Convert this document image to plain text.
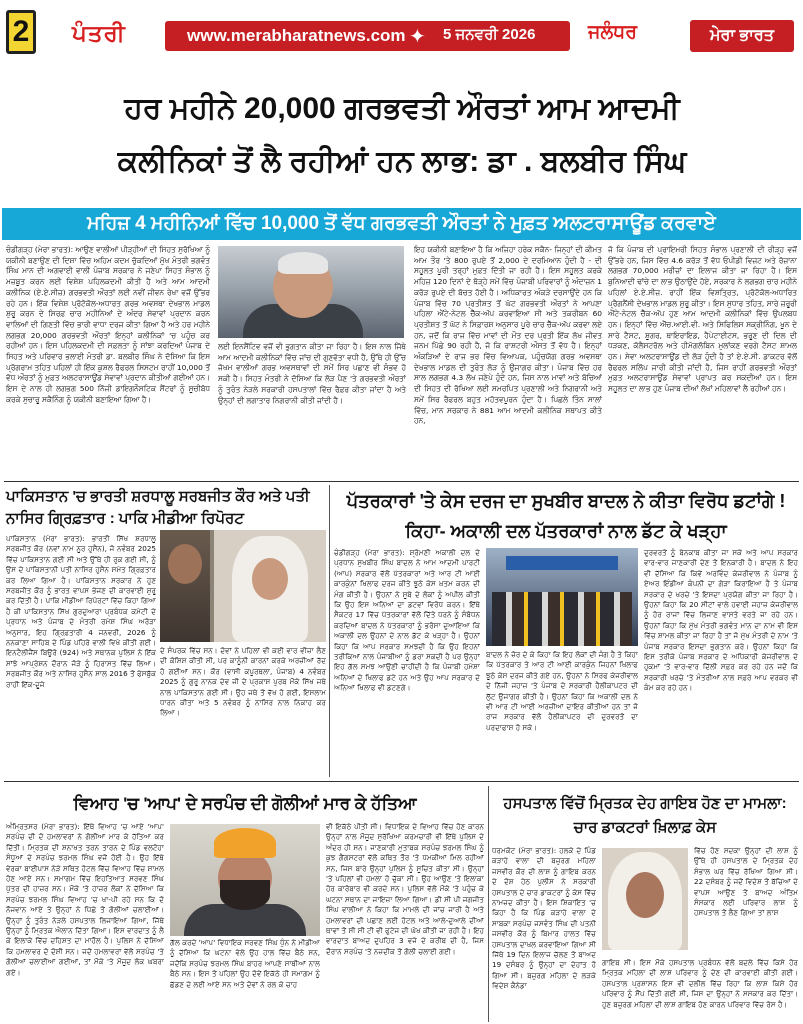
2 ਪੰਤਰੀ	www.merabharatnews.com ✦ 5 ਜਨਵਰੀ 2026	ਜਲੰਧਰ	ਮੇਰਾ ਭਾਰਤ
ਹਰ ਮਹੀਨੇ 20,000 ਗਰਭਵਤੀ ਔਰਤਾਂ ਆਮ ਆਦਮੀ
ਕਲੀਨਿਕਾਂ ਤੋਂ ਲੈ ਰਹੀਆਂ ਹਨ ਲਾਭ: ਡਾ . ਬਲਬੀਰ ਸਿੰਘ
ਮਹਿਜ਼ 4 ਮਹੀਨਿਆਂ ਵਿੱਚ 10,000 ਤੋਂ ਵੱਧ ਗਰਭਵਤੀ ਔਰਤਾਂ ਨੇ ਮੁਫ਼ਤ ਅਲਟਰਾਸਾਊਂਡ ਕਰਵਾਏ
ਚੰਡੀਗੜ੍ਹ (ਮੇਰਾ ਭਾਰਤ): ਆਉਣ ਵਾਲੀਆਂ ਪੀੜ੍ਹੀਆਂ ਦੀ ਸਿਹਤ ਸੁਰੱਖਿਆ ਨੂੰ ਯਕੀਨੀ ਬਣਾਉਣ ਦੀ ਦਿਸ਼ਾ ਵਿੱਚ ਅਹਿਮ ਕਦਮ ਚੁੱਕਦਿਆਂ ਮੁੱਖ ਮੰਤਰੀ ਭਗਵੰਤ ਸਿੰਘ ਮਾਨ ਦੀ ਅਗਵਾਈ ਵਾਲੀ ਪੰਜਾਬ ਸਰਕਾਰ ਨੇ ਜਣੇਪਾ ਸਿਹਤ ਸੰਭਾਲ ਨੂੰ ਮਜ਼ਬੂਤ ਕਰਨ ਲਈ ਵਿਸ਼ੇਸ਼ ਪਹਿਲਕਦਮੀ ਕੀਤੀ ਹੈ ਅਤੇ ਆਮ ਆਦਮੀ ਕਲੀਨਿਕ (ਏ.ਏ.ਸੀਜ਼) ਗਰਭਵਤੀ ਔਰਤਾਂ ਲਈ ਨਵੀਂ ਜੀਵਨ ਰੇਖਾ ਵਜੋਂ ਉੱਭਰ ਰਹੇ ਹਨ। ਇੱਕ ਵਿਸ਼ੇਸ਼ ਪ੍ਰੋਟੋਕੋਲ-ਅਧਾਰਤ ਗਰਭ ਅਵਸਥਾ ਦੇਖਭਾਲ ਮਾਡਲ ਸ਼ੁਰੂ ਕਰਨ ਦੇ ਸਿਰਫ਼ ਚਾਰ ਮਹੀਨਿਆਂ ਦੇ ਅੰਦਰ ਸੇਵਾਵਾਂ ਪ੍ਰਦਾਨ ਕਰਨ ਵਾਲਿਆਂ ਦੀ ਗਿਣਤੀ ਵਿੱਚ ਭਾਰੀ ਵਾਧਾ ਦਰਜ ਕੀਤਾ ਗਿਆ ਹੈ ਅਤੇ ਹਰ ਮਹੀਨੇ ਲਗਭਗ 20,000 ਗਰਭਵਤੀ ਔਰਤਾਂ ਇਨ੍ਹਾਂ ਕਲੀਨਿਕਾਂ 'ਚ ਪਹੁੰਚ ਕਰ ਰਹੀਆਂ ਹਨ। ਇਸ ਪਹਿਲਕਦਮੀ ਦੀ ਸਫ਼ਲਤਾ ਨੂੰ ਸਾਂਝਾ ਕਰਦਿਆਂ ਪੰਜਾਬ ਦੇ ਸਿਹਤ ਅਤੇ ਪਰਿਵਾਰ ਭਲਾਈ ਮੰਤਰੀ ਡਾ. ਬਲਬੀਰ ਸਿੰਘ ਨੇ ਦੱਸਿਆ ਕਿ ਇਸ ਪ੍ਰੋਗਰਾਮ ਤਹਿਤ ਪਹਿਲਾਂ ਹੀ ਇੱਕ ਕੁਸ਼ਲ ਰੈਫਰਲ ਸਿਸਟਮ ਰਾਹੀਂ 10,000 ਤੋਂ ਵੱਧ ਔਰਤਾਂ ਨੂੰ ਮੁਫ਼ਤ ਅਲਟਰਾਸਾਊਂਡ ਸੇਵਾਵਾਂ ਪ੍ਰਦਾਨ ਕੀਤੀਆਂ ਗਈਆਂ ਹਨ। ਇਸ ਦੇ ਨਾਲ ਹੀ ਲਗਭਗ 500 ਨਿੱਜੀ ਡਾਇਗਨੌਸਟਿਕ ਸੈਂਟਰਾਂ ਨੂੰ ਸੂਚੀਬੱਧ ਕਰਕੇ ਸੁਚਾਰੂ ਸਕੈਨਿੰਗ ਨੂੰ ਯਕੀਨੀ ਬਣਾਇਆ ਗਿਆ ਹੈ।
ਲਈ ਇਨਸੈਂਟਿਵ ਵਜੋਂ ਵੀ ਭੁਗਤਾਨ ਕੀਤਾ ਜਾ ਰਿਹਾ ਹੈ। ਇਸ ਨਾਲ ਜਿੱਥੇ ਆਮ ਆਦਮੀ ਕਲੀਨਿਕਾਂ ਵਿੱਚ ਜਾਂਚ ਦੀ ਗੁਣਵੱਤਾ ਵਧੀ ਹੈ, ਉੱਥੇ ਹੀ ਉੱਚ ਜੋਖਮ ਵਾਲੀਆਂ ਗਰਭ ਅਵਸਥਾਵਾਂ ਦੀ ਸਮੇਂ ਸਿਰ ਪਛਾਣ ਵੀ ਸੰਭਵ ਹੋ ਸਕੀ ਹੈ। ਸਿਹਤ ਮੰਤਰੀ ਨੇ ਦੱਸਿਆ ਕਿ ਲੋੜ ਪੈਣ 'ਤੇ ਗਰਭਵਤੀ ਔਰਤਾਂ ਨੂੰ ਤੁਰੰਤ ਨੇੜਲੇ ਸਰਕਾਰੀ ਹਸਪਤਾਲਾਂ ਵਿੱਚ ਰੈਫ਼ਰ ਕੀਤਾ ਜਾਂਦਾ ਹੈ ਅਤੇ ਉਨ੍ਹਾਂ ਦੀ ਲਗਾਤਾਰ ਨਿਗਰਾਨੀ ਕੀਤੀ ਜਾਂਦੀ ਹੈ।
ਇਹ ਯਕੀਨੀ ਬਣਾਇਆ ਹੈ ਕਿ ਅਜਿਹਾ ਹਰੇਕ ਸਕੈਨ- ਜਿਨ੍ਹਾਂ ਦੀ ਕੀਮਤ ਆਮ ਤੌਰ 'ਤੇ 800 ਰੁਪਏ ਤੋਂ 2,000 ਦੇ ਦਰਮਿਆਨ ਹੁੰਦੀ ਹੈ - ਦੀ ਸਹੂਲਤ ਪੂਰੀ ਤਰ੍ਹਾਂ ਮੁਫ਼ਤ ਦਿੱਤੀ ਜਾ ਰਹੀ ਹੈ। ਇਸ ਸਹੂਲਤ ਕਰਕੇ ਮਹਿਜ਼ 120 ਦਿਨਾਂ ਦੇ ਥੋੜ੍ਹੇ ਸਮੇਂ ਵਿੱਚ ਪੰਜਾਬੀ ਪਰਿਵਾਰਾਂ ਨੂੰ ਅੰਦਾਜ਼ਨ 1 ਕਰੋੜ ਰੁਪਏ ਦੀ ਬੱਚਤ ਹੋਈ ਹੈ। ਅਧਿਕਾਰਤ ਅੰਕੜੇ ਦਰਸਾਉਂਦੇ ਹਨ ਕਿ ਪੰਜਾਬ ਵਿੱਚ 70 ਪ੍ਰਤੀਸ਼ਤ ਤੋਂ ਘੱਟ ਗਰਭਵਤੀ ਔਰਤਾਂ ਨੇ ਆਪਣਾ ਪਹਿਲਾ ਐਂਟੇ-ਨੇਟਲ ਚੈੱਕ-ਅੱਪ ਕਰਵਾਇਆ ਸੀ ਅਤੇ ਤਕਰੀਬਨ 60 ਪ੍ਰਤੀਸ਼ਤ ਤੋਂ ਘੱਟ ਨੇ ਸਿਫ਼ਾਰਸ਼ ਅਨੁਸਾਰ ਪੂਰੇ ਚਾਰ ਚੈੱਕ-ਅੱਪ ਕਰਵਾ ਲਏ ਹਨ, ਜਦੋਂ ਕਿ ਰਾਜ ਵਿੱਚ ਮਾਵਾਂ ਦੀ ਮੌਤ ਦਰ ਪ੍ਰਤੀ ਇੱਕ ਲੱਖ ਜੀਵਤ ਜਨਮ ਪਿੱਛੇ 90 ਰਹੀ ਹੈ, ਜੋ ਕਿ ਰਾਸ਼ਟਰੀ ਔਸਤ ਤੋਂ ਵੱਧ ਹੈ। ਇਨ੍ਹਾਂ ਅੰਕੜਿਆਂ ਦੇ ਰਾਜ ਭਰ ਵਿੱਚ ਵਿਆਪਕ, ਪਹੁੰਚਯੋਗ ਗਰਭ ਅਵਸਥਾ ਦੇਖਭਾਲ ਮਾਡਲ ਦੀ ਤੁਰੰਤ ਲੋੜ ਨੂੰ ਉਜਾਗਰ ਕੀਤਾ। ਪੰਜਾਬ ਵਿੱਚ ਹਰ ਸਾਲ ਲਗਭਗ 4.3 ਲੱਖ ਜਣੇਪੇ ਹੁੰਦੇ ਹਨ, ਜਿਸ ਨਾਲ ਮਾਵਾਂ ਅਤੇ ਬੱਚਿਆਂ ਦੀ ਸਿਹਤ ਦੀ ਰੱਖਿਆ ਲਈ ਸਮਰਪਿਤ ਪ੍ਰਣਾਲੀ ਅਤੇ ਨਿਗਰਾਨੀ ਅਤੇ ਸਮੇਂ ਸਿਰ ਰੈਫਰਲ ਬਹੁਤ ਮਹੱਤਵਪੂਰਨ ਹੁੰਦਾ ਹੈ। ਪਿਛਲੇ ਤਿੰਨ ਸਾਲਾਂ ਵਿੱਚ, ਮਾਨ ਸਰਕਾਰ ਨੇ 881 ਆਮ ਆਦਮੀ ਕਲੀਨਿਕ ਸਥਾਪਤ ਕੀਤੇ ਹਨ,
ਜੋ ਕਿ ਪੰਜਾਬ ਦੀ ਪ੍ਰਾਇਮਰੀ ਸਿਹਤ ਸੰਭਾਲ ਪ੍ਰਣਾਲੀ ਦੀ ਰੀੜ੍ਹ ਵਜੋਂ ਉੱਭਰੇ ਹਨ, ਜਿਸ ਵਿੱਚ 4.6 ਕਰੋੜ ਤੋਂ ਵੱਧ ਓਪੀਡੀ ਵਿਜ਼ਟ ਅਤੇ ਰੋਜ਼ਾਨਾ ਲਗਭਗ 70,000 ਮਰੀਜ਼ਾਂ ਦਾ ਇਲਾਜ ਕੀਤਾ ਜਾ ਰਿਹਾ ਹੈ। ਇਸ ਬੁਨਿਆਦੀ ਢਾਂਚੇ ਦਾ ਲਾਭ ਉਠਾਉਂਦੇ ਹੋਏ, ਸਰਕਾਰ ਨੇ ਲਗਭਗ ਚਾਰ ਮਹੀਨੇ ਪਹਿਲਾਂ ਏ.ਏ.ਸੀਜ਼. ਰਾਹੀਂ ਇੱਕ ਵਿਸ਼ਤ੍ਰਿਤ, ਪ੍ਰੋਟੋਕੋਲ-ਅਧਾਰਿਤ ਪ੍ਰੈਗਨੈਂਸੀ ਦੇਖਭਾਲ ਮਾਡਲ ਸ਼ੁਰੂ ਕੀਤਾ। ਇਸ ਸੁਧਾਰ ਤਹਿਤ, ਸਾਰੇ ਜ਼ਰੂਰੀ ਐਂਟੇ-ਨੇਟਲ ਚੈੱਕ-ਅੱਪ ਹੁਣ ਆਮ ਆਦਮੀ ਕਲੀਨਿਕਾਂ ਵਿੱਚ ਉਪਲਬਧ ਹਨ। ਇਨ੍ਹਾਂ ਵਿੱਚ ਐੱਚ.ਆਈ.ਵੀ. ਅਤੇ ਸਿਫਿਲਿਸ ਸਕ੍ਰੀਨਿੰਗ, ਖੂਨ ਦੇ ਸਾਰੇ ਟੈਸਟ, ਸ਼ੂਗਰ, ਥਾਇਰਾਇਡ, ਹੈਪੇਟਾਈਟਸ, ਭਰੂਣ ਦੀ ਦਿਲ ਦੀ ਧੜਕਣ, ਕੋਲੈਸਟਰੋਲ ਅਤੇ ਹੀਮੋਗਲੋਬਿਨ ਮੁਲਾਂਕਣ ਵਰਗੇ ਟੈਸਟ ਸ਼ਾਮਲ ਹਨ। ਸੇਵਾ ਅਲਟਰਾਸਾਊਂਡ ਦੀ ਲੋੜ ਹੁੰਦੀ ਹੈ ਤਾਂ ਏ.ਏ.ਸੀ. ਡਾਕਟਰ ਵੱਲੋਂ ਰੈਫਰਲ ਸਲਿੱਪ ਜਾਰੀ ਕੀਤੀ ਜਾਂਦੀ ਹੈ, ਜਿਸ ਰਾਹੀਂ ਗਰਭਵਤੀ ਔਰਤਾਂ ਮੁਫ਼ਤ ਅਲਟਰਾਸਾਊਂਡ ਸੇਵਾਵਾਂ ਪ੍ਰਾਪਤ ਕਰ ਸਕਦੀਆਂ ਹਨ। ਇਸ ਸਹੂਲਤ ਦਾ ਲਾਭ ਹੁਣ ਪੰਜਾਬ ਦੀਆਂ ਲੱਖਾਂ ਮਹਿਲਾਵਾਂ ਲੈ ਰਹੀਆਂ ਹਨ।
ਪਾਕਿਸਤਾਨ 'ਚ ਭਾਰਤੀ ਸ਼ਰਧਾਲੂ ਸਰਬਜੀਤ ਕੌਰ ਅਤੇ ਪਤੀ ਨਾਸਿਰ ਗ੍ਰਿਫ਼ਤਾਰ : ਪਾਕਿ ਮੀਡੀਆ ਰਿਪੋਰਟ
ਪਾਕਿਸਤਾਨ (ਮੇਰਾ ਭਾਰਤ): ਭਾਰਤੀ ਸਿੱਖ ਸ਼ਰਧਾਲੂ ਸਰਬਜੀਤ ਕੌਰ (ਨਵਾਂ ਨਾਮ ਨੂਰ ਹੁਸੈਨ), ਜੋ ਨਵੰਬਰ 2025 ਵਿੱਚ ਪਾਕਿਸਤਾਨ ਗਈ ਸੀ ਅਤੇ ਉੱਥੇ ਹੀ ਰੁਕ ਗਈ ਸੀ, ਨੂੰ ਉਸ ਦੇ ਪਾਕਿਸਤਾਨੀ ਪਤੀ ਨਾਸਿਰ ਹੁਸੈਨ ਸਮੇਤ ਗ੍ਰਿਫ਼ਤਾਰ ਕਰ ਲਿਆ ਗਿਆ ਹੈ। ਪਾਕਿਸਤਾਨ ਸਰਕਾਰ ਨੇ ਹੁਣ ਸਰਬਜੀਤ ਕੌਰ ਨੂੰ ਭਾਰਤ ਵਾਪਸ ਭੇਜਣ ਦੀ ਕਾਰਵਾਈ ਸ਼ੁਰੂ ਕਰ ਦਿੱਤੀ ਹੈ। ਪਾਕਿ ਮੀਡੀਆ ਰਿਪੋਰਟਾਂ ਵਿੱਚ ਕਿਹਾ ਗਿਆ ਹੈ ਕੀ ਪਾਕਿਸਤਾਨ ਸਿੱਖ ਗੁਰਦੁਆਰਾ ਪ੍ਰਬੰਧਕ ਕਮੇਟੀ ਦੇ ਪ੍ਰਧਾਨ ਅਤੇ ਪੰਜਾਬ ਦੇ ਮੰਤਰੀ ਰਮੇਸ਼ ਸਿੰਘ ਅਰੋੜਾ ਅਨੁਸਾਰ, ਇਹ ਗ੍ਰਿਫ਼ਤਾਰੀ 4 ਜਨਵਰੀ, 2026 ਨੂੰ ਨਨਕਾਣਾ ਸਾਹਿਬ ਦੇ ਪਿੰਡ ਪਹਿਰੇ ਵਾਲੀ ਵਿਖੇ ਕੀਤੀ ਗਈ। ਇਨਟੈਲੀਜੈਂਸ ਬਿਊਰੋ (924) ਅਤੇ ਸਥਾਨਕ ਪੁਲਿਸ ਨੇ ਇੱਕ ਸਾਂਝੇ ਆਪ੍ਰੇਸ਼ਨ ਦੌਰਾਨ ਜੋੜੇ ਨੂੰ ਹਿਰਾਸਤ ਵਿੱਚ ਲਿਆ। ਸਰਬਜੀਤ ਕੌਰ ਅਤੇ ਨਾਸਿਰ ਹੁਸੈਨ ਸਾਲ 2016 ਤੋਂ ਫੇਸਬੁੱਕ ਰਾਹੀਂ ਇੱਕ-ਦੂਜੇ
ਦੇ ਸੰਪਰਕ ਵਿੱਚ ਸਨ। ਦੋਵਾਂ ਨੇ ਪਹਿਲਾਂ ਵੀ ਕਈ ਵਾਰ ਵੀਜ਼ਾ ਲੈਣ ਦੀ ਕੋਸ਼ਿਸ਼ ਕੀਤੀ ਸੀ, ਪਰ ਕਾਨੂੰਨੀ ਕਾਰਨਾਂ ਕਰਕੇ ਅਰਜ਼ੀਆਂ ਰੱਦ ਹੋ ਗਈਆਂ ਸਨ। ਕੌਰ (ਵਾਸੀ ਕਪੂਰਥਲਾ, ਪੰਜਾਬ) 4 ਨਵੰਬਰ 2025 ਨੂੰ ਗੁਰੂ ਨਾਨਕ ਦੇਵ ਜੀ ਦੇ ਪ੍ਰਕਾਸ਼ ਪੁਰਬ ਮੌਕੇ ਸਿੱਖ ਜਥੇ ਨਾਲ ਪਾਕਿਸਤਾਨ ਗਈ ਸੀ। ਉਹ ਜਥੇ ਤੋਂ ਵੱਖ ਹੋ ਗਈ, ਇਸਲਾਮ ਧਾਰਨ ਕੀਤਾ ਅਤੇ 5 ਨਵੰਬਰ ਨੂੰ ਨਾਸਿਰ ਨਾਲ ਨਿਕਾਹ ਕਰ ਲਿਆ।
ਪੱਤਰਕਾਰਾਂ 'ਤੇ ਕੇਸ ਦਰਜ ਦਾ ਸੁਖਬੀਰ ਬਾਦਲ ਨੇ ਕੀਤਾ ਵਿਰੋਧ ਡਟਾਂਗੇ ! ਕਿਹਾ- ਅਕਾਲੀ ਦਲ ਪੱਤਰਕਾਰਾਂ ਨਾਲ ਡੱਟ ਕੇ ਖੜ੍ਹਾ
ਚੰਡੀਗੜ੍ਹ (ਮੇਰਾ ਭਾਰਤ): ਸ਼੍ਰੋਮਣੀ ਅਕਾਲੀ ਦਲ ਦੇ ਪ੍ਰਧਾਨ ਸੁਖਬੀਰ ਸਿੰਘ ਬਾਦਲ ਨੇ ਆਮ ਆਦਮੀ ਪਾਰਟੀ (ਆਪ) ਸਰਕਾਰ ਵੱਲੋਂ ਪੱਤਰਕਾਰਾਂ ਅਤੇ ਆਰ ਟੀ ਆਈ ਕਾਰਕੁੰਨਾਂ ਖਿਲਾਫ ਦਰਜ ਕੀਤੇ ਝੂਠੇ ਕੇਸ ਖ਼ਤਮ ਕਰਨ ਦੀ ਮੰਗ ਕੀਤੀ ਹੈ। ਉਹਨਾਂ ਨੇ ਸੂਬੇ ਦੇ ਲੋਕਾਂ ਨੂੰ ਅਪੀਲ ਕੀਤੀ ਕਿ ਉਹ ਇਸ ਅਨਿਆਂ ਦਾ ਡਟਵਾਂ ਵਿਰੋਧ ਕਰਨ। ਇੱਥੇ ਸੈਕਟਰ 17 ਵਿੱਚ ਪੱਤਰਕਾਰਾਂ ਵੱਲੋਂ ਦਿੱਤੇ ਧਰਨੇ ਨੂੰ ਸੰਬੋਧਨ ਕਰਦਿਆਂ ਬਾਦਲ ਨੇ ਪੱਤਰਕਾਰਾਂ ਨੂੰ ਭਰੋਸਾ ਦੁਆਇਆ ਕਿ ਅਕਾਲੀ ਦਲ ਉਹਨਾਂ ਦੇ ਨਾਲ ਡੱਟ ਕੇ ਖੜ੍ਹਾ ਹੈ। ਉਹਨਾਂ ਕਿਹਾ ਕਿ ਆਪ ਸਰਕਾਰ ਸਮਝਦੀ ਹੈ ਕਿ ਉਹ ਇਹਨਾਂ ਤਰੀਕਿਆਂ ਨਾਲ ਪੰਜਾਬੀਆਂ ਨੂੰ ਡਰਾ ਸਕਦੀ ਹੈ ਪਰ ਉਨ੍ਹਾਂ ਇਹ ਗੱਲ ਸਮਝ ਆਉਣੀ ਚਾਹੀਦੀ ਹੈ ਕਿ ਪੰਜਾਬੀ ਹਮੇਸ਼ਾ ਅਨਿਆਂ ਦੇ ਖਿਲਾਫ ਡਟੇ ਹਨ ਅਤੇ ਉਹ ਆਪ ਸਰਕਾਰ ਦੇ ਅਨਿਆਂ ਖਿਲਾਫ ਵੀ ਡਟਣਗੇ।
ਬਾਦਲ ਨੇ ਜ਼ੋਰ ਦੇ ਕੇ ਕਿਹਾ ਕਿ ਇਹ ਲੋਕਾਂ ਦੀ ਜੰਗ ਹੈ ਤੇ ਕਿਹਾ ਕਿ ਪੱਤਰਕਾਰ ਤੇ ਆਰ ਟੀ ਆਈ ਕਾਰਕੁੰਨ ਜਿਹਨਾਂ ਖਿਲਾਫ ਝੂਠੇ ਕੇਸ ਦਰਜ ਕੀਤੇ ਗਏ ਹਨ, ਉਹਨਾਂ ਨੇ ਸਿਰਫ ਕੇਜਰੀਵਾਲ ਦੇ ਨਿੱਜੀ ਜਹਾਜ਼ 'ਤੇ ਪੰਜਾਬ ਦੇ ਸਰਕਾਰੀ ਹੈਲੀਕਾਪਟਰ ਦੀ ਲੁੱਟ ਉਜਾਗਰ ਕੀਤੀ ਹੈ। ਉਹਨਾਂ ਕਿਹਾ ਕਿ ਅਕਾਲੀ ਦਲ ਨੇ ਵੀ ਆਰ ਟੀ ਆਈ ਅਰਜ਼ੀਆਂ ਦਾਇਰ ਕੀਤੀਆਂ ਹਨ ਤਾਂ ਜੋ ਰਾਜ ਸਰਕਾਰ ਵੱਲੋਂ ਹੈਲੀਕਾਪਟਰ ਦੀ ਦੁਰਵਰਤੋਂ ਦਾ ਪਰਦਾਫਾਸ਼ ਹੋ ਸਕੇ।
ਦੁਰਵਰਤੋਂ ਨੂੰ ਬੇਨਕਾਬ ਕੀਤਾ ਜਾ ਸਕੇ ਅਤੇ ਆਪ ਸਰਕਾਰ ਵਾਰ-ਵਾਰ ਜਾਣਕਾਰੀ ਦੇਣ ਤੋਂ ਇਨਕਾਰੀ ਹੈ। ਬਾਦਲ ਨੇ ਇਹ ਵੀ ਦੱਸਿਆ ਕਿ ਕਿਵੇਂ ਅਰਵਿੰਦ ਕੇਜਰੀਵਾਲ ਨੇ ਪੰਜਾਬ ਨੂੰ ਏਅਰ ਇੰਡੀਆ ਕੰਪਨੀ ਦਾ ਗੇੜਾ ਕਿਰਾਇਆ ਹੈ ਤੇ ਪੰਜਾਬ ਸਰਕਾਰ ਦੇ ਖਰਚੇ 'ਤੇ ਇਸਦਾ ਪ੍ਰਯੋਗ ਕੀਤਾ ਜਾ ਰਿਹਾ ਹੈ। ਉਹਨਾਂ ਕਿਹਾ ਕਿ 20 ਸੀਟਾਂ ਵਾਲੇ ਹਵਾਈ ਜਹਾਜ਼ ਕੇਜਰੀਵਾਲ ਨੂੰ ਹੋਰ ਰਾਜਾਂ ਵਿੱਚ ਲਿਜਾਣ ਵਾਸਤੇ ਵਰਤੇ ਜਾ ਰਹੇ ਹਨ। ਉਹਨਾਂ ਕਿਹਾ ਕਿ ਮੁੱਖ ਮੰਤਰੀ ਭਗਵੰਤ ਮਾਨ ਦਾ ਨਾਮ ਵੀ ਇਸ ਵਿੱਚ ਸ਼ਾਮਲ ਕੀਤਾ ਜਾ ਰਿਹਾ ਹੈ ਤਾਂ ਜੋ ਮੁੱਖ ਮੰਤਰੀ ਦੇ ਨਾਮ 'ਤੇ ਪੰਜਾਬ ਸਰਕਾਰ ਇਸਦਾ ਭੁਗਤਾਨ ਕਰੇ। ਉਹਨਾਂ ਕਿਹਾ ਕਿ ਇਸ ਤਰੀਕੇ ਪੰਜਾਬ ਸਰਕਾਰ ਦੇ ਅਧਿਕਾਰੀ ਕੇਜਰੀਵਾਲ ਦੇ ਹੁਕਮਾਂ 'ਤੇ ਵਾਰ-ਵਾਰ ਦਿੱਲੀ ਸਫ਼ਰ ਕਰ ਰਹੇ ਹਨ ਜਦੋਂ ਕਿ ਸਰਕਾਰੀ ਖਰਚੇ 'ਤੇ ਮੰਤਰੀਆਂ ਨਾਲ ਸਫ਼ਰੇ ਆਪ ਵਰਕਰ ਵੀ ਕੰਮ ਕਰ ਰਹੇ ਹਨ।
ਵਿਆਹ 'ਚ 'ਆਪ' ਦੇ ਸਰਪੰਚ ਦੀ ਗੋਲੀਆਂ ਮਾਰ ਕੇ ਹੱਤਿਆ
ਅੰਮ੍ਰਿਤਸਰ (ਮੇਰਾ ਭਾਰਤ): ਇੱਥੇ ਵਿਆਹ 'ਚ ਆਏ 'ਆਪ' ਸਰਪੰਚ ਦੀ ਦੋ ਹਮਲਾਵਰਾਂ ਨੇ ਗੋਲੀਆਂ ਮਾਰ ਕੇ ਹੱਤਿਆ ਕਰ ਦਿੱਤੀ। ਮ੍ਰਿਤਕ ਦੀ ਸ਼ਨਾਖਤ ਤਰਨ ਤਾਰਨ ਦੇ ਪਿੰਡ ਵਲਟੋਹਾ ਸੰਧੂਆਂ ਦੇ ਸਰਪੰਚ ਝਰਮਲ ਸਿੰਘ ਵਜੋਂ ਹੋਈ ਹੈ। ਉਹ ਇੱਥੇ ਵੇਰਕਾ ਬਾਈਪਾਸ ਨੇੜੇ ਸਥਿਤ ਹੋਟਲ ਵਿੱਚ ਵਿਆਹ ਵਿੱਚ ਸ਼ਾਮਲ ਹੋਣ ਆਏ ਸਨ। ਸਮਾਗਮ ਵਿੱਚ ਇਹਤਿਆਤ ਸਰਵਣ ਸਿੰਘ ਪੁੱਤਰ ਦੀ ਹਾਜ਼ਰ ਸਨ। ਮੌਕੇ 'ਤੇ ਹਾਜ਼ਰ ਲੋਕਾਂ ਨੇ ਦੱਸਿਆ ਕਿ ਸਰਪੰਚ ਝਰਮਲ ਸਿੰਘ ਵਿਆਹ 'ਚ ਖਾ-ਪੀ ਰਹੇ ਸਨ ਕਿ ਦੋ ਨੌਜਵਾਨ ਆਏ ਤੇ ਉਨ੍ਹਾਂ ਨੇ ਪਿੱਛੇ ਤੋਂ ਗੋਲੀਆਂ ਚਲਾਈਆਂ। ਉਨ੍ਹਾਂ ਨੂੰ ਤੁਰੰਤ ਨੇੜਲੇ ਹਸਪਤਾਲ ਲਿਜਾਇਆ ਗਿਆ, ਜਿੱਥੇ ਉਨ੍ਹਾਂ ਨੂੰ ਮ੍ਰਿਤਕ ਐਲਾਨ ਦਿੱਤਾ ਗਿਆ। ਇਸ ਵਾਰਦਾਤ ਨੂੰ ਲੈ ਕੇ ਇਲਾਕੇ ਵਿੱਚ ਦਹਿਸ਼ਤ ਦਾ ਮਾਹੌਲ ਹੈ। ਪੁਲਿਸ ਨੇ ਦੱਸਿਆ ਕਿ ਹਮਲਾਵਰ ਦੋ ਦੋਸ਼ੀ ਸਨ। ਜਦੋਂ ਹਮਲਾਵਰਾਂ ਵੱਲੋਂ ਸਰਪੰਚ 'ਤੇ ਗੋਲੀਆਂ ਚਲਾਈਆਂ ਗਈਆਂ, ਤਾਂ ਮੌਕੇ 'ਤੇ ਮੌਜੂਦ ਲੋਕ ਘਬਰਾ ਗਏ।
ਗੱਲ ਕਰਦੇ 'ਆਪ' ਵਿਧਾਇਕ ਸਰਵਣ ਸਿੰਘ ਧੁੰਨ ਨੇ ਮੀਡੀਆ ਨੂੰ ਦੱਸਿਆ ਕਿ ਘਟਨਾ ਵੇਲੇ ਉਹ ਹਾਲ ਵਿੱਚ ਬੈਠੇ ਸਨ, ਜਦੋਂਕਿ ਸਰਪੰਚ ਝਰਮਲ ਸਿੰਘ ਬਾਹਰ ਆਪਣੇ ਸਾਥੀਆਂ ਨਾਲ ਬੈਠੇ ਸਨ। ਇਸ ਤੋਂ ਪਹਿਲਾਂ ਉਹ ਦੋਵੇਂ ਇਕੱਠੇ ਹੀ ਸਮਾਗਮ ਨੂੰ ਛੱਡਣ ਦੇ ਲਈ ਆਏ ਸਨ ਅਤੇ ਦੋਵਾਂ ਨੇ ਰਲ ਕੇ ਚਾਹ
ਵੀ ਇਕੱਠੇ ਪੀਤੀ ਸੀ। ਵਿਧਾਇਕ ਦੇ ਵਿਆਹ ਵਿੱਚ ਹੋਣ ਕਾਰਨ ਉਨ੍ਹਾਂ ਨਾਲ ਮੌਜੂਦ ਸੁਰੱਖਿਆ ਕਰਮਚਾਰੀ ਵੀ ਇੱਥੇ ਪੁਲਿਸ ਦੇ ਅੰਦਰ ਹੀ ਸਨ। ਜਾਣਕਾਰੀ ਮੁਤਾਬਕ ਸਰਪੰਚ ਝਰਮਲ ਸਿੰਘ ਨੂੰ ਕੁਝ ਗੈਂਗਸਟਰਾਂ ਵੱਲੋਂ ਕਥਿਤ ਤੌਰ 'ਤੇ ਧਮਕੀਆਂ ਮਿਲ ਰਹੀਆਂ ਸਨ, ਜਿਸ ਬਾਰੇ ਉਨ੍ਹਾਂ ਪੁਲਿਸ ਨੂੰ ਸੂਚਿਤ ਕੀਤਾ ਸੀ। ਉਨ੍ਹਾਂ 'ਤੇ ਪਹਿਲਾਂ ਵੀ ਹਮਲਾ ਹੋ ਚੁੱਕਾ ਸੀ। ਉਹ ਆਉਣ 'ਤੇ ਇਲਾਕਾ ਹੋਰ ਕਾਰੋਬਾਰ ਵੀ ਕਰਦੇ ਸਨ। ਪੁਲਿਸ ਵੱਲੋਂ ਮੌਕੇ 'ਤੇ ਪਹੁੰਚ ਕੇ ਘਟਨਾ ਸਥਾਨ ਦਾ ਜਾਇਜ਼ਾ ਲਿਆ ਗਿਆ। ਡੀ ਸੀ ਪੀ ਜਗਜੀਤ ਸਿੰਘ ਵਾਲੀਆ ਨੇ ਕਿਹਾ ਕਿ ਮਾਮਲੇ ਦੀ ਜਾਂਚ ਜਾਰੀ ਹੈ ਅਤੇ ਹਮਲਾਵਰਾਂ ਦੀ ਪਛਾਣ ਲਈ ਹੋਟਲ ਅਤੇ ਆਲੇ-ਦੁਆਲੇ ਦੀਆਂ ਥਾਵਾਂ ਤੋਂ ਸੀ ਸੀ ਟੀ ਵੀ ਫੁਟੇਜ ਦੀ ਘੋਖ ਕੀਤੀ ਜਾ ਰਹੀ ਹੈ। ਇਹ ਵਾਰਦਾਤ ਬਾਅਦ ਦੁਪਹਿਰ 3 ਵਜੇ ਦੇ ਕਰੀਬ ਦੀ ਹੈ, ਜਿਸ ਦੌਰਾਨ ਸਰਪੰਚ 'ਤੇ ਨਜ਼ਦੀਕ ਤੋਂ ਗੋਲੀ ਚਲਾਈ ਗਈ।
ਹਸਪਤਾਲ ਵਿੱਚੋਂ ਮ੍ਰਿਤਕ ਦੇਹ ਗਾਇਬ ਹੋਣ ਦਾ ਮਾਮਲਾ: ਚਾਰ ਡਾਕਟਰਾਂ ਖ਼ਿਲਾਫ਼ ਕੇਸ
ਧਰਮਕੋਟ (ਮੇਰਾ ਭਾਰਤ): ਹਲਕੇ ਦੇ ਪਿੰਡ ਕੜਾਹੇ ਵਾਲਾ ਦੀ ਬਜ਼ੁਰਗ ਮਹਿਲਾ ਜਸਵੀਰ ਕੌਰ ਦੀ ਲਾਸ਼ ਨੂੰ ਗਾਇਬ ਕਰਨ ਦੇ ਦੋਸ਼ ਹੇਠ ਪੁਲੀਸ ਨੇ ਸਰਕਾਰੀ ਹਸਪਤਾਲ ਦੇ ਚਾਰ ਡਾਕਟਰਾਂ ਨੂੰ ਕੇਸ ਵਿੱਚ ਨਾਮਜ਼ਦ ਕੀਤਾ ਹੈ। ਇਸ ਸ਼ਿਕਾਇਤ 'ਚ ਕਿਹਾ ਹੈ ਕਿ ਪਿੰਡ ਕੜਾਹੇ ਵਾਲਾ ਦੇ ਸਾਬਕਾ ਸਰਪੰਚ ਜਸਵੰਤ ਸਿੰਘ ਦੀ ਪਤਨੀ ਜਸਵੀਰ ਕੌਰ ਨੂੰ ਬਿਮਾਰ ਹਾਲਤ ਵਿੱਚ ਹਸਪਤਾਲ ਦਾਖਲ ਕਰਵਾਇਆ ਗਿਆ ਸੀ ਜਿੱਥੇ 19 ਦਿਨ ਇਲਾਜ ਚੱਲਣ ਤੋਂ ਬਾਅਦ 19 ਦਸੰਬਰ ਨੂੰ ਉਨ੍ਹਾਂ ਦਾ ਦੇਹਾਂਤ ਹੋ ਗਿਆ ਸੀ। ਬਜ਼ੁਰਗ ਮਹਿਲਾ ਦੇ ਲੜਕੇ ਵਿਦੇਸ਼ ਕੈਨੇਡਾ
ਵਿੱਚ ਹੋਣ ਸਦਕਾ ਉਨ੍ਹਾਂ ਦੀ ਲਾਸ਼ ਨੂੰ ਉੱਥੇ ਹੀ ਹਸਪਤਾਲ ਦੇ ਮ੍ਰਿਤਕ ਦੇਹ ਸੰਭਾਲ ਘਰ ਵਿੱਚ ਰੱਖਿਆ ਗਿਆ ਸੀ। 22 ਦਸੰਬਰ ਨੂੰ ਜਦੋਂ ਵਿਦੇਸ਼ ਤੋਂ ਬੱਚਿਆਂ ਦੇ ਵਾਪਸ ਆਉਣ ਤੋਂ ਬਾਅਦ ਅੰਤਿਮ ਸੰਸਕਾਰ ਲਈ ਪਰਿਵਾਰ ਲਾਸ਼ ਨੂੰ ਹਸਪਤਾਲ ਤੋਂ ਲੈਣ ਗਿਆ ਤਾਂ ਲਾਸ਼
ਗਾਇਬ ਸੀ। ਇਸ ਮੌਕੇ ਹਸਪਤਾਲ ਪ੍ਰਬੰਧਨ ਵੱਲੋਂ ਬਦਲੇ ਵਿੱਚ ਕਿਸੇ ਹੋਰ ਮ੍ਰਿਤਕ ਮਹਿਲਾ ਦੀ ਲਾਸ਼ ਪਰਿਵਾਰ ਨੂੰ ਦੇਣ ਦੀ ਕਾਰਵਾਈ ਕੀਤੀ ਗਈ। ਹਸਪਤਾਲ ਪ੍ਰਸ਼ਾਸਨ ਇਸ ਵੀ ਦਲੀਲ ਵਿੱਚ ਰਿਹਾ ਕਿ ਲਾਸ਼ ਕਿਸੇ ਹੋਰ ਪਰਿਵਾਰ ਨੂੰ ਸੌਂਪ ਦਿੱਤੀ ਗਈ ਸੀ, ਜਿਸ ਦਾ ਉਨ੍ਹਾਂ ਨੇ ਸਸਕਾਰ ਕਰ ਦਿੱਤਾ। ਹੁਣ ਬਜ਼ੁਰਗ ਮਹਿਲਾ ਦੀ ਲਾਸ਼ ਗਾਇਬ ਹੋਣ ਕਾਰਨ ਪਰਿਵਾਰ ਵਿੱਚ ਰੋਸ ਹੈ।
